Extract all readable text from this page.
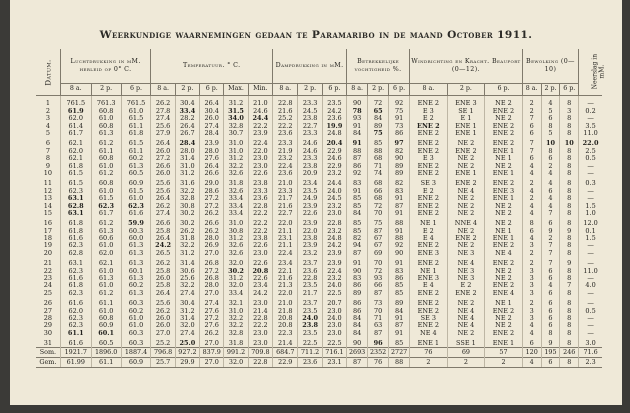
Weerkundige waarnemingen gedaan te Paramaribo in de maand October 1911.
Datum.	Luchtdrukking in mM. herleid op 0° C.			Temperatuur. ° C.					Dampdrukking in mM.			Betrekkelijke vochtigheid %.			Windrichting en Kracht. Beaufort (0—12).			Bewolking (0—10)			Neerslag in mM.
	8 a.	2 p.	6 p.	8 a.	2 p.	6 p.	Max.	Min.	8 a.	2 p.	6 p.	8 a.	2 p.	6 p.	8 a.	2 p.	6 p.	8 a.	2 p.	6 p.	
1	761.5	761.3	761.5	26.2	30.4	26.4	31.2	21.0	22.8	23.3	23.5	90	72	92	ENE 2	ENE 3	NE 2	2	4	8	—
2	61.9	60.8	61.0	27.8	33.4	30.4	31.5	24.6	21.6	24.5	24.2	78	65	75	E 3	SE 1	ENE 2	2	5	3	0.2
3	62.0	61.0	61.5	27.4	28.2	26.0	34.0	24.4	25.2	23.8	23.6	93	84	91	E 2	E 1	NE 2	7	6	8	—
4	61.4	60.8	61.1	25.6	26.4	27.4	32.8	22.2	22.2	22.7	19.9	91	89	73	ENE 2	ENE 1	ENE 2	6	8	8	3.5
5	61.7	61.3	61.8	27.9	26.7	28.4	30.7	23.9	23.6	23.3	24.8	84	75	86	ENE 2	ENE 1	ENE 2	6	5	8	11.0
6	62.1	61.2	61.5	26.4	28.4	23.9	31.0	22.4	23.3	24.6	20.4	91	85	97	ENE 2	NE 2	ENE 2	7	10	10	22.0
7	62.0	61.1	61.1	26.0	28.0	28.0	31.0	22.0	21.9	24.6	22.9	88	88	82	ENE 2	ENE 2	ENE 1	7	8	8	2.5
8	62.1	60.8	60.2	27.2	31.4	27.6	31.2	23.0	23.2	23.3	24.6	87	68	90	E 3	NE 2	NE 1	6	6	8	0.5
9	61.8	61.0	61.3	26.6	31.0	26.4	32.2	23.0	22.4	23.8	22.9	86	71	89	ENE 2	NE 2	NE 2	4	2	8	—
10	61.5	61.2	60.5	26.0	31.2	26.6	32.6	22.6	23.6	20.9	23.2	92	74	89	ENE 2	ENE 1	ENE 1	4	4	8	—
11	61.5	60.8	60.9	25.6	31.6	29.0	31.8	23.8	21.0	23.4	24.4	83	68	82	SE 3	ENE 2	ENE 2	2	4	8	0.3
12	62.3	61.0	61.5	25.6	32.2	28.6	32.6	23.3	23.3	23.5	24.0	91	66	83	E 2	NE 4	ENE 3	4	6	8	—
13	63.1	61.5	61.0	26.4	32.8	27.2	33.4	23.6	21.7	24.9	24.5	85	68	91	ENE 2	NE 2	ENE 1	2	4	8	—
14	62.8	62.3	62.3	26.2	30.8	27.2	33.4	22.8	21.6	23.9	23.2	85	72	87	ENE 2	NE 2	NE 2	4	4	8	1.5
15	63.1	61.7	61.6	27.4	30.2	26.2	33.4	22.2	22.7	22.6	23.0	84	70	91	ENE 2	NE 2	NE 2	4	7	8	1.0
16	61.8	61.2	59.9	26.6	30.2	26.6	31.0	22.2	22.0	23.9	22.8	85	75	88	NE 1	NNE 4	NE 2	8	6	8	12.0
17	61.8	61.3	60.3	25.8	26.2	26.2	30.8	22.2	21.1	22.0	23.2	85	87	91	E 2	NE 2	NE 1	6	9	9	0.1
18	61.6	60.6	60.0	26.4	31.8	28.0	31.2	23.8	23.1	23.8	24.8	82	67	88	E 4	ENE 2	ENE 1	4	2	8	1.5
19	62.3	61.0	61.3	24.2	32.2	26.9	32.6	22.6	21.1	23.9	24.2	94	67	92	ENE 2	NE 2	ENE 2	3	7	8	—
20	62.8	62.0	61.3	26.5	31.2	27.0	32.6	23.0	22.4	23.2	23.9	87	69	90	ENE 3	NE 3	NE 4	2	7	8	—
21	63.1	62.1	61.3	26.2	31.4	26.8	32.0	22.6	23.4	23.7	23.9	91	70	91	ENE 2	NE 4	ENE 2	2	7	9	—
22	62.3	61.0	60.1	25.8	30.6	27.2	30.2	20.8	22.1	23.6	22.4	90	72	83	NE 1	NE 3	NE 2	3	6	8	11.0
23	61.6	61.3	61.3	26.0	25.6	26.8	31.2	22.6	21.6	22.8	23.2	83	93	86	ENE 3	NE 3	NE 2	3	6	8	—
24	61.8	61.0	60.2	25.8	32.2	28.0	32.0	23.4	21.3	23.5	24.0	86	66	85	E 4	E 2	ENE 2	3	4	7	4.0
25	62.3	61.2	61.3	26.4	27.4	27.0	33.4	24.2	22.0	21.7	22.5	89	87	85	ENE 2	ENE 2	ENE 4	3	6	8	—
26	61.6	61.1	60.3	25.6	30.4	27.4	32.1	23.0	21.0	23.7	20.7	86	73	89	ENE 2	NE 2	NE 1	2	6	8	—
27	62.0	61.0	60.2	26.2	31.2	27.6	31.0	21.4	21.8	23.5	23.0	86	70	84	ENE 2	NE 4	ENE 2	3	6	8	0.5
28	62.3	60.8	61.0	26.0	31.4	27.2	32.2	22.8	20.8	24.0	24.0	84	71	91	SE 3	NE 4	NE 2	3	6	8	—
29	62.3	60.9	61.0	26.0	32.0	27.6	32.2	22.2	20.8	23.8	23.0	84	63	87	ENE 2	NE 4	NE 2	4	6	8	—
30	61.1	60.1	60.3	27.0	27.4	26.2	32.8	23.0	22.3	23.5	23.0	84	87	91	NE 4	NE 2	ENE 2	4	8	8	—
31	61.6	60.5	60.3	25.2	25.0	27.0	31.8	23.0	21.4	22.5	22.5	90	96	85	ENE 1	SSE 1	ENE 1	6	9	8	3.0
Som.	1921.7	1896.0	1887.4	796.8	927.2	837.9	991.2	709.8	684.7	711.2	716.1	2693	2352	2727	76	69	57	120	195	246	71.6
Gem.	61.99	61.1	60.9	25.7	29.9	27.0	32.0	22.8	22.9	23.6	23.1	87	76	88	2	2	2	4	6	8	2.3
